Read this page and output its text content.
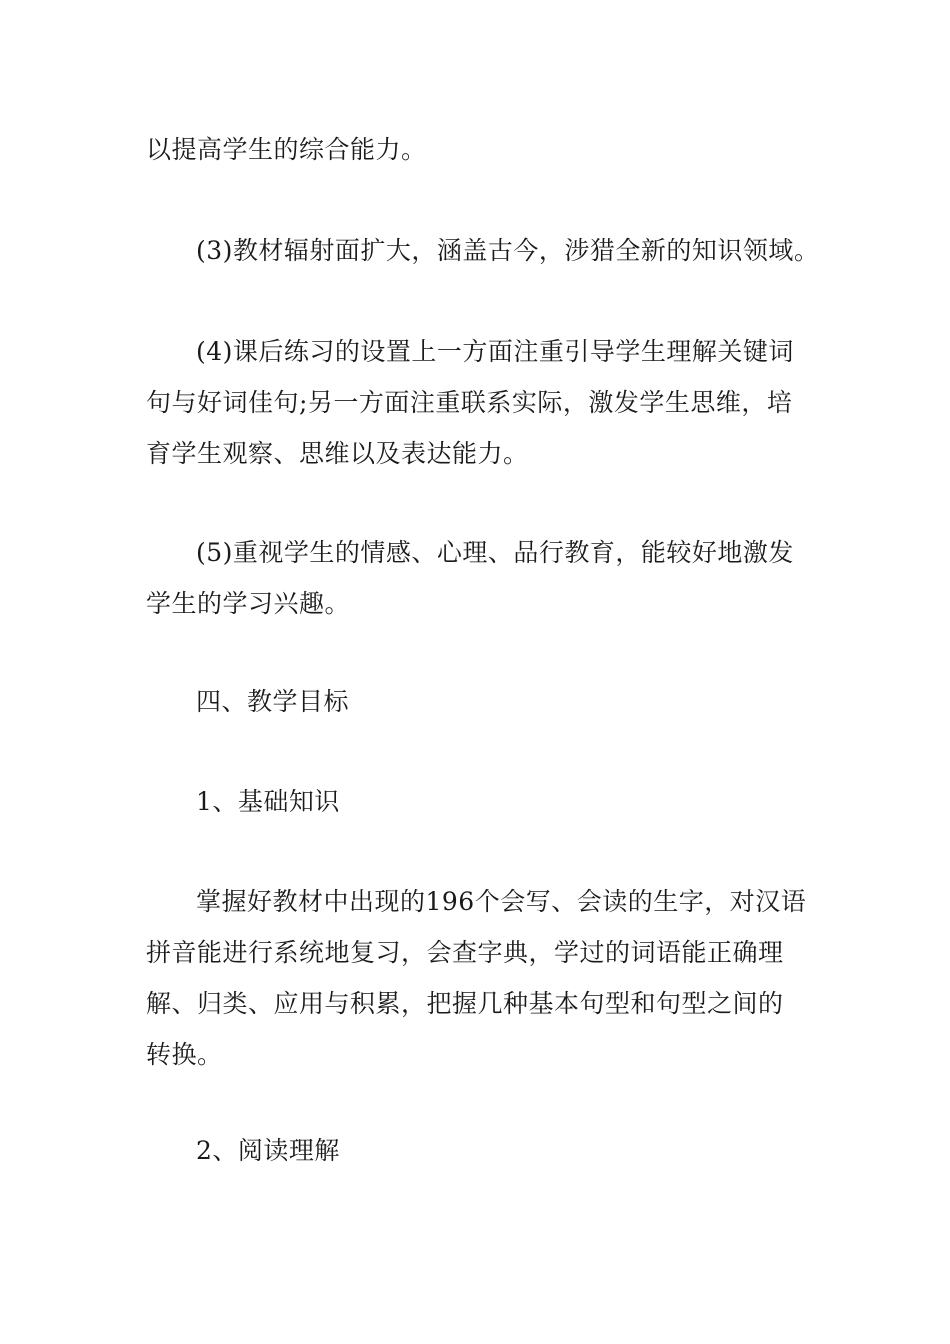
以提高学生的综合能力。

(3)教材辐射面扩大，涵盖古今，涉猎全新的知识领域。

(4)课后练习的设置上一方面注重引导学生理解关键词
句与好词佳句;另一方面注重联系实际，激发学生思维，培
育学生观察、思维以及表达能力。

(5)重视学生的情感、心理、品行教育，能较好地激发
学生的学习兴趣。

四、教学目标

1、基础知识

掌握好教材中出现的196个会写、会读的生字，对汉语
拼音能进行系统地复习，会查字典，学过的词语能正确理
解、归类、应用与积累，把握几种基本句型和句型之间的
转换。

2、阅读理解
